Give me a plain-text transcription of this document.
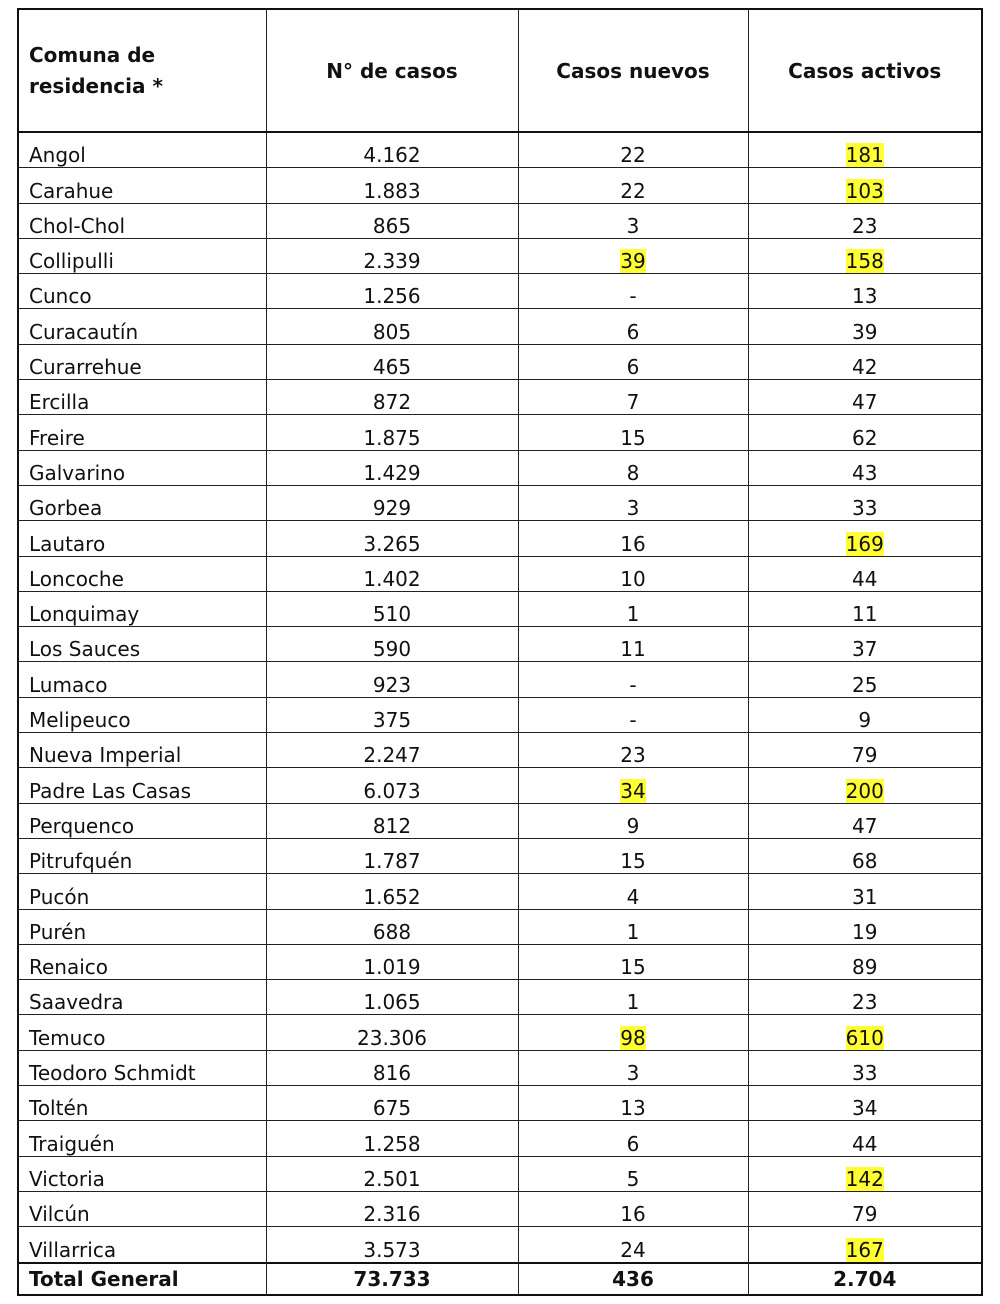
Comuna de residencia *	N° de casos	Casos nuevos	Casos activos
Angol	4.162	22	181
Carahue	1.883	22	103
Chol-Chol	865	3	23
Collipulli	2.339	39	158
Cunco	1.256	-	13
Curacautín	805	6	39
Curarrehue	465	6	42
Ercilla	872	7	47
Freire	1.875	15	62
Galvarino	1.429	8	43
Gorbea	929	3	33
Lautaro	3.265	16	169
Loncoche	1.402	10	44
Lonquimay	510	1	11
Los Sauces	590	11	37
Lumaco	923	-	25
Melipeuco	375	-	9
Nueva Imperial	2.247	23	79
Padre Las Casas	6.073	34	200
Perquenco	812	9	47
Pitrufquén	1.787	15	68
Pucón	1.652	4	31
Purén	688	1	19
Renaico	1.019	15	89
Saavedra	1.065	1	23
Temuco	23.306	98	610
Teodoro Schmidt	816	3	33
Toltén	675	13	34
Traiguén	1.258	6	44
Victoria	2.501	5	142
Vilcún	2.316	16	79
Villarrica	3.573	24	167
Total General	73.733	436	2.704
